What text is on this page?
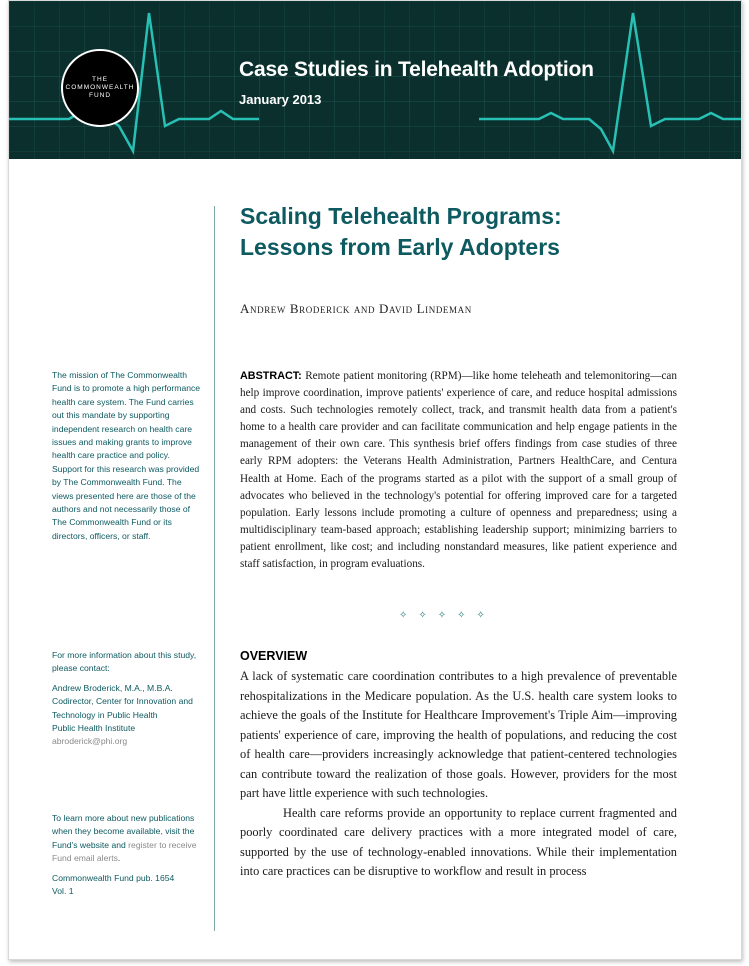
THE
COMMONWEALTH
FUND
Case Studies in Telehealth Adoption
January 2013
Scaling Telehealth Programs:
Lessons from Early Adopters
Andrew Broderick and David Lindeman

The mission of The Commonwealth Fund is to promote a high performance health care system. The Fund carries out this mandate by supporting independent research on health care issues and making grants to improve health care practice and policy. Support for this research was provided by The Commonwealth Fund. The views presented here are those of the authors and not necessarily those of The Commonwealth Fund or its directors, officers, or staff.

For more information about this study, please contact:

Andrew Broderick, M.A., M.B.A.

Codirector, Center for Innovation and Technology in Public Health

Public Health Institute

abroderick@phi.org

To learn more about new publications when they become available, visit the Fund's website and register to receive Fund email alerts.

Commonwealth Fund pub. 1654

Vol. 1

ABSTRACT: Remote patient monitoring (RPM)—like home teleheath and telemonitoring—can help improve coordination, improve patients' experience of care, and reduce hospital admissions and costs. Such technologies remotely collect, track, and transmit health data from a patient's home to a health care provider and can facilitate communication and help engage patients in the management of their own care. This synthesis brief offers findings from case studies of three early RPM adopters: the Veterans Health Administration, Partners HealthCare, and Centura Health at Home. Each of the programs started as a pilot with the support of a small group of advocates who believed in the technology's potential for offering improved care for a targeted population. Early lessons include promoting a culture of openness and preparedness; using a multidisciplinary team-based approach; establishing leadership support; minimizing barriers to patient enrollment, like cost; and including nonstandard measures, like patient experience and staff satisfaction, in program evaluations.

✧✧✧✧✧
OVERVIEW

A lack of systematic care coordination contributes to a high prevalence of preventable rehospitalizations in the Medicare population. As the U.S. health care system looks to achieve the goals of the Institute for Healthcare Improvement's Triple Aim—improving patients' experience of care, improving the health of populations, and reducing the cost of health care—providers increasingly acknowledge that patient-centered technologies can contribute toward the realization of those goals. However, providers for the most part have little experience with such technologies.

Health care reforms provide an opportunity to replace current fragmented and poorly coordinated care delivery practices with a more integrated model of care, supported by the use of technology-enabled innovations. While their implementation into care practices can be disruptive to workflow and result in process
